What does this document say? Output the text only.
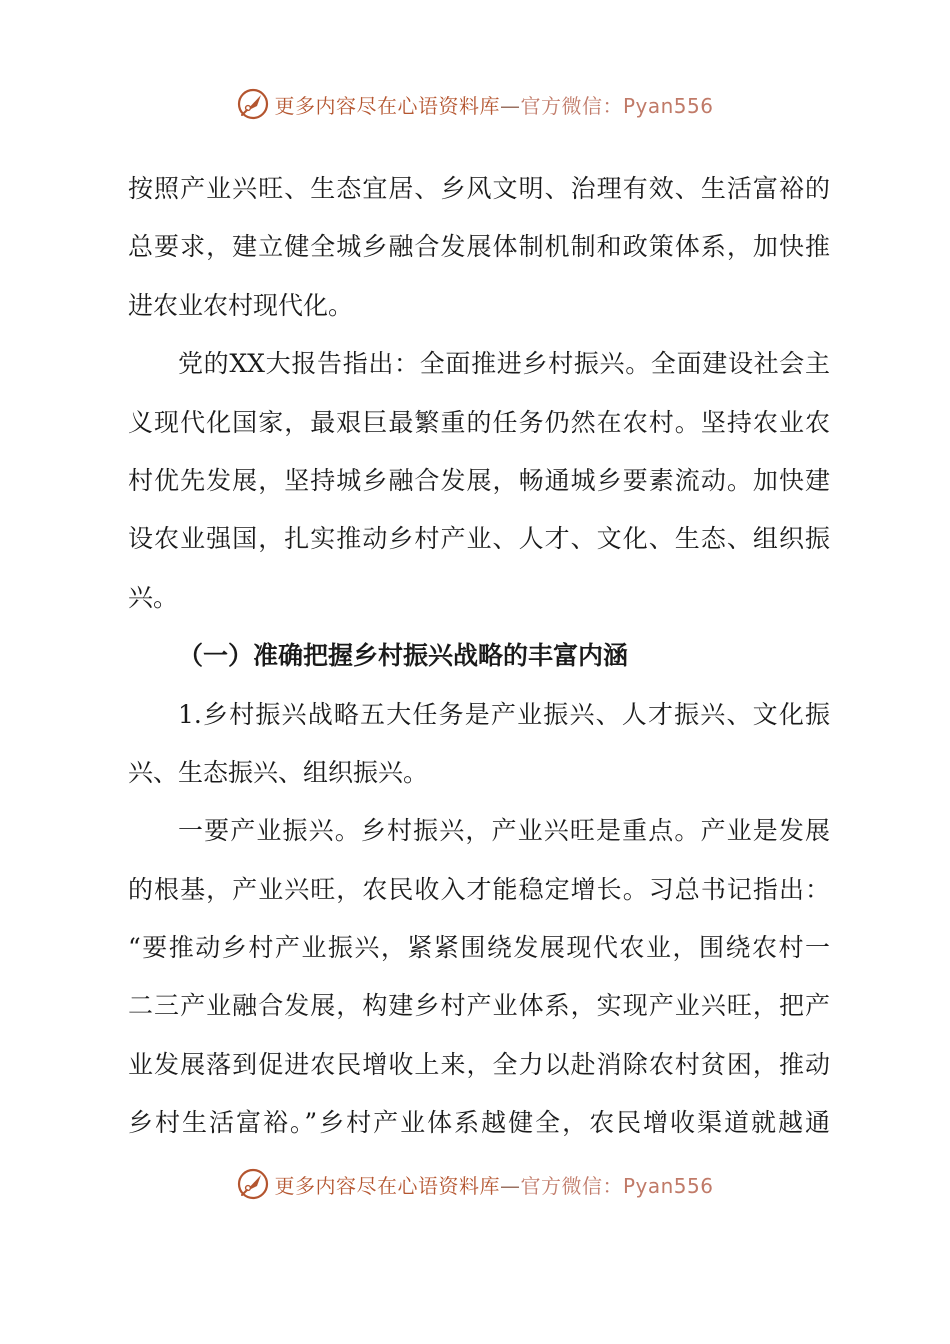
更多内容尽在心语资料库—官方微信：Pyan556
按照产业兴旺、生态宜居、乡风文明、治理有效、生活富裕的
总要求，建立健全城乡融合发展体制机制和政策体系，加快推
进农业农村现代化。
党的XX大报告指出：全面推进乡村振兴。全面建设社会主
义现代化国家，最艰巨最繁重的任务仍然在农村。坚持农业农
村优先发展，坚持城乡融合发展，畅通城乡要素流动。加快建
设农业强国，扎实推动乡村产业、人才、文化、生态、组织振
兴。
（一）准确把握乡村振兴战略的丰富内涵
1.乡村振兴战略五大任务是产业振兴、人才振兴、文化振
兴、生态振兴、组织振兴。
一要产业振兴。乡村振兴，产业兴旺是重点。产业是发展
的根基，产业兴旺，农民收入才能稳定增长。习总书记指出：
“要推动乡村产业振兴，紧紧围绕发展现代农业，围绕农村一
二三产业融合发展，构建乡村产业体系，实现产业兴旺，把产
业发展落到促进农民增收上来，全力以赴消除农村贫困，推动
乡村生活富裕。”乡村产业体系越健全，农民增收渠道就越通
更多内容尽在心语资料库—官方微信：Pyan556
